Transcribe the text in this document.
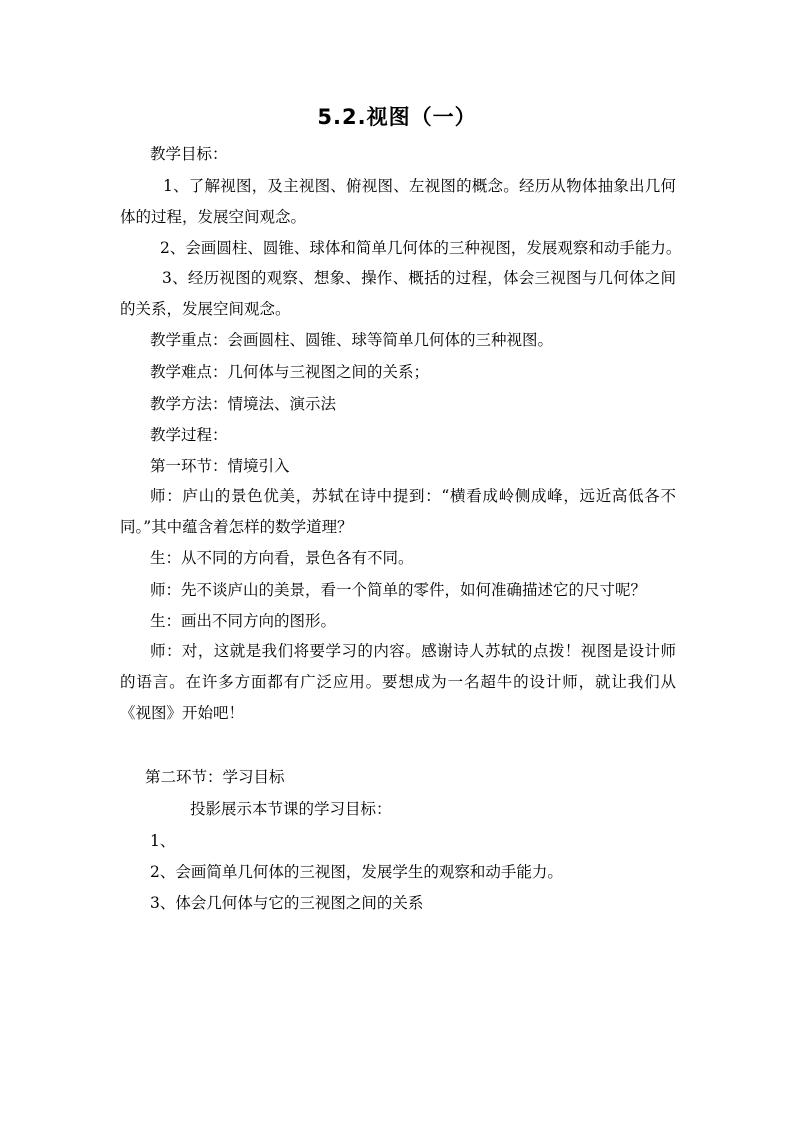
5.2.视图（一）
教学目标：
1、了解视图，及主视图、俯视图、左视图的概念。经历从物体抽象出几何体的过程，发展空间观念。
2、会画圆柱、圆锥、球体和简单几何体的三种视图，发展观察和动手能力。
3、经历视图的观察、想象、操作、概括的过程，体会三视图与几何体之间的关系，发展空间观念。
教学重点：会画圆柱、圆锥、球等简单几何体的三种视图。
教学难点：几何体与三视图之间的关系；
教学方法：情境法、演示法
教学过程：
第一环节：情境引入
师：庐山的景色优美，苏轼在诗中提到：“横看成岭侧成峰，远近高低各不同。”其中蕴含着怎样的数学道理？
生：从不同的方向看，景色各有不同。
师：先不谈庐山的美景，看一个简单的零件，如何准确描述它的尺寸呢？
生：画出不同方向的图形。
师：对，这就是我们将要学习的内容。感谢诗人苏轼的点拨！视图是设计师的语言。在许多方面都有广泛应用。要想成为一名超牛的设计师，就让我们从《视图》开始吧！
第二环节：学习目标
投影展示本节课的学习目标：
1、
2、会画简单几何体的三视图，发展学生的观察和动手能力。
3、体会几何体与它的三视图之间的关系
